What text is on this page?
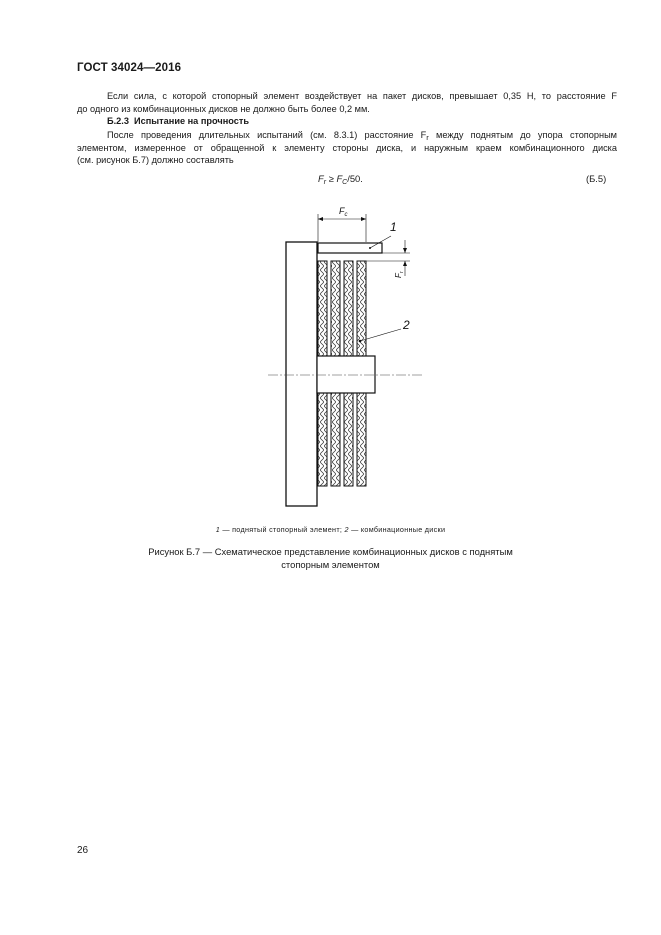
ГОСТ 34024—2016
Если сила, с которой стопорный элемент воздействует на пакет дисков, превышает 0,35 Н, то расстояние F
до одного из комбинационных дисков не должно быть более 0,2 мм.
Б.2.3 Испытание на прочность
После проведения длительных испытаний (см. 8.3.1) расстояние $F_r$ между поднятым до упора стопорным
элементом, измеренное от обращенной к элементу стороны диска, и наружным краем комбинационного диска
(см. рисунок Б.7) должно составлять
$F_r \ge F_C/50$.	(Б.5)
$F_c$
1
$F_r$
2
1 — поднятый стопорный элемент; 2 — комбинационные диски
Рисунок Б.7 — Схематическое представление комбинационных дисков с поднятым
стопорным элементом
26
